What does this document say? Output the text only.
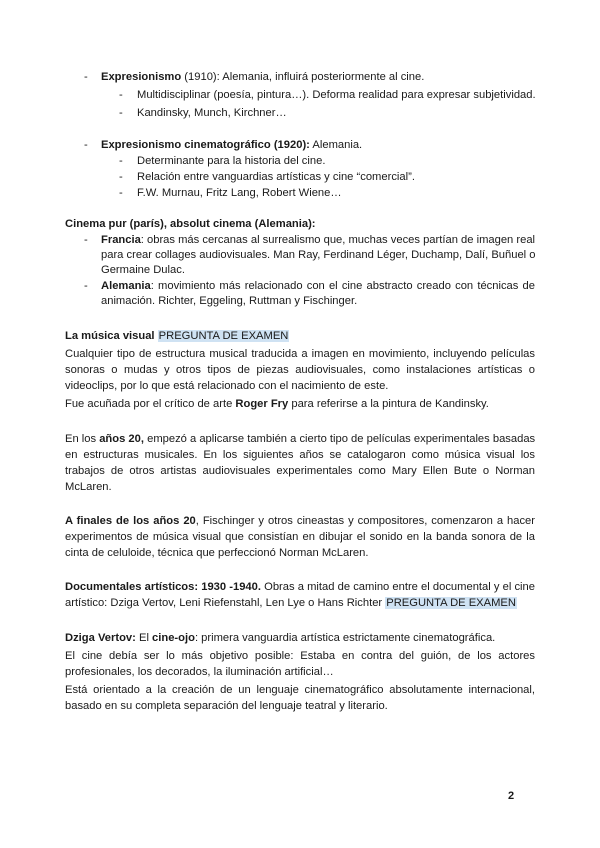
- Expresionismo (1910): Alemania, influirá posteriormente al cine.
- Multidisciplinar (poesía, pintura…). Deforma realidad para expresar subjetividad.
- Kandinsky, Munch, Kirchner…
- Expresionismo cinematográfico (1920): Alemania.
- Determinante para la historia del cine.
- Relación entre vanguardias artísticas y cine “comercial”.
- F.W. Murnau, Fritz Lang, Robert Wiene…
Cinema pur (parís), absolut cinema (Alemania):
- Francia: obras más cercanas al surrealismo que, muchas veces partían de imagen real
para crear collages audiovisuales. Man Ray, Ferdinand Léger, Duchamp, Dalí, Buñuel o
Germaine Dulac.
- Alemania: movimiento más relacionado con el cine abstracto creado con técnicas de
animación. Richter, Eggeling, Ruttman y Fischinger.
La música visual PREGUNTA DE EXAMEN
Cualquier tipo de estructura musical traducida a imagen en movimiento, incluyendo películas
sonoras o mudas y otros tipos de piezas audiovisuales, como instalaciones artísticas o
videoclips, por lo que está relacionado con el nacimiento de este.
Fue acuñada por el crítico de arte Roger Fry para referirse a la pintura de Kandinsky.
En los años 20, empezó a aplicarse también a cierto tipo de películas experimentales basadas
en estructuras musicales. En los siguientes años se catalogaron como música visual los
trabajos de otros artistas audiovisuales experimentales como Mary Ellen Bute o Norman
McLaren.
A finales de los años 20, Fischinger y otros cineastas y compositores, comenzaron a hacer
experimentos de música visual que consistían en dibujar el sonido en la banda sonora de la
cinta de celuloide, técnica que perfeccionó Norman McLaren.
Documentales artísticos: 1930 -1940. Obras a mitad de camino entre el documental y el cine
artístico: Dziga Vertov, Leni Riefenstahl, Len Lye o Hans Richter PREGUNTA DE EXAMEN
Dziga Vertov: El cine-ojo: primera vanguardia artística estrictamente cinematográfica.
El cine debía ser lo más objetivo posible: Estaba en contra del guión, de los actores
profesionales, los decorados, la iluminación artificial…
Está orientado a la creación de un lenguaje cinematográfico absolutamente internacional,
basado en su completa separación del lenguaje teatral y literario.
2
